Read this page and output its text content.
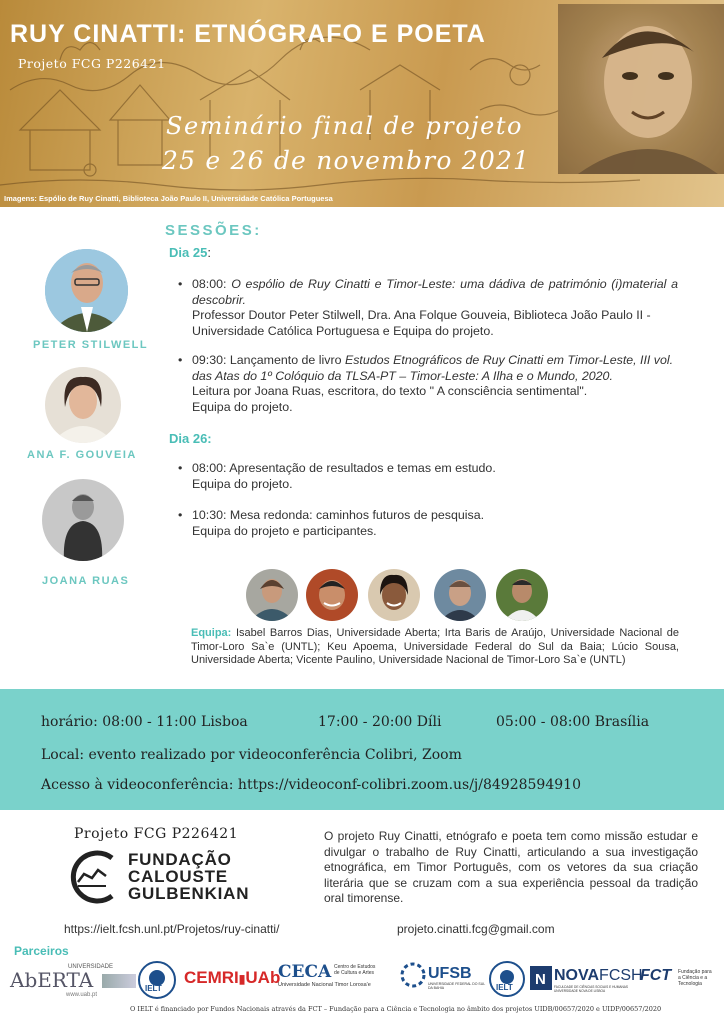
RUY CINATTI: ETNÓGRAFO E POETA
Projeto FCG P226421
Seminário final de projeto
25 e 26 de novembro 2021
Imagens: Espólio de Ruy Cinatti, Biblioteca João Paulo II, Universidade Católica Portuguesa
SESSÕES:
Dia 25:
• 08:00: O espólio de Ruy Cinatti e Timor-Leste: uma dádiva de património (i)material a descobrir.
Professor Doutor Peter Stilwell, Dra. Ana Folque Gouveia, Biblioteca João Paulo II - Universidade Católica Portuguesa e Equipa do projeto.
• 09:30: Lançamento de livro Estudos Etnográficos de Ruy Cinatti em Timor-Leste, III vol. das Atas do 1º Colóquio da TLSA-PT – Timor-Leste: A Ilha e o Mundo, 2020.
Leitura por Joana Ruas, escritora, do texto " A consciência sentimental".
Equipa do projeto.
Dia 26:
• 08:00: Apresentação de resultados e temas em estudo.
Equipa do projeto.
• 10:30: Mesa redonda: caminhos futuros de pesquisa.
Equipa do projeto e participantes.
PETER STILWELL
ANA F. GOUVEIA
JOANA RUAS
Equipa: Isabel Barros Dias, Universidade Aberta; Irta Baris de Araújo, Universidade Nacional de Timor-Loro Sa`e (UNTL); Keu Apoema, Universidade Federal do Sul da Baia; Lúcio Sousa, Universidade Aberta; Vicente Paulino, Universidade Nacional de Timor-Loro Sa`e (UNTL)
horário: 08:00 - 11:00 Lisboa	17:00 - 20:00 Díli	05:00 - 08:00 Brasília
Local: evento realizado por videoconferência Colibri, Zoom
Acesso à videoconferência: https://videoconf-colibri.zoom.us/j/84928594910
Projeto FCG P226421
FUNDAÇÃO
CALOUSTE
GULBENKIAN
O projeto Ruy Cinatti, etnógrafo e poeta tem como missão estudar e divulgar o trabalho de Ruy Cinatti, articulando a sua investigação etnográfica, em Timor Português, com os vetores da sua criação literária que se cruzam com a sua experiência pessoal da tradição oral timorense.
https://ielt.fcsh.unl.pt/Projetos/ruy-cinatti/	projeto.cinatti.fcg@gmail.com
Parceiros
UNIVERSIDADE
AbERTA
www.uab.pt
IELT
CEMRI▮UAb
CECA
Universidade Nacional Timor Lorosa'e
Centro de Estudos de Cultura e Artes	UFSB
UNIVERSIDADE FEDERAL DO SUL DA BAHIA	IELT N NOVAFCSH
FACULDADE DE CIÊNCIAS SOCIAIS E HUMANAS UNIVERSIDADE NOVA DE LISBOA
FCT Fundação para a Ciência e a Tecnologia
O IELT é financiado por Fundos Nacionais através da FCT – Fundação para a Ciência e Tecnologia no âmbito dos projetos UIDB/00657/2020 e UIDP/00657/2020
